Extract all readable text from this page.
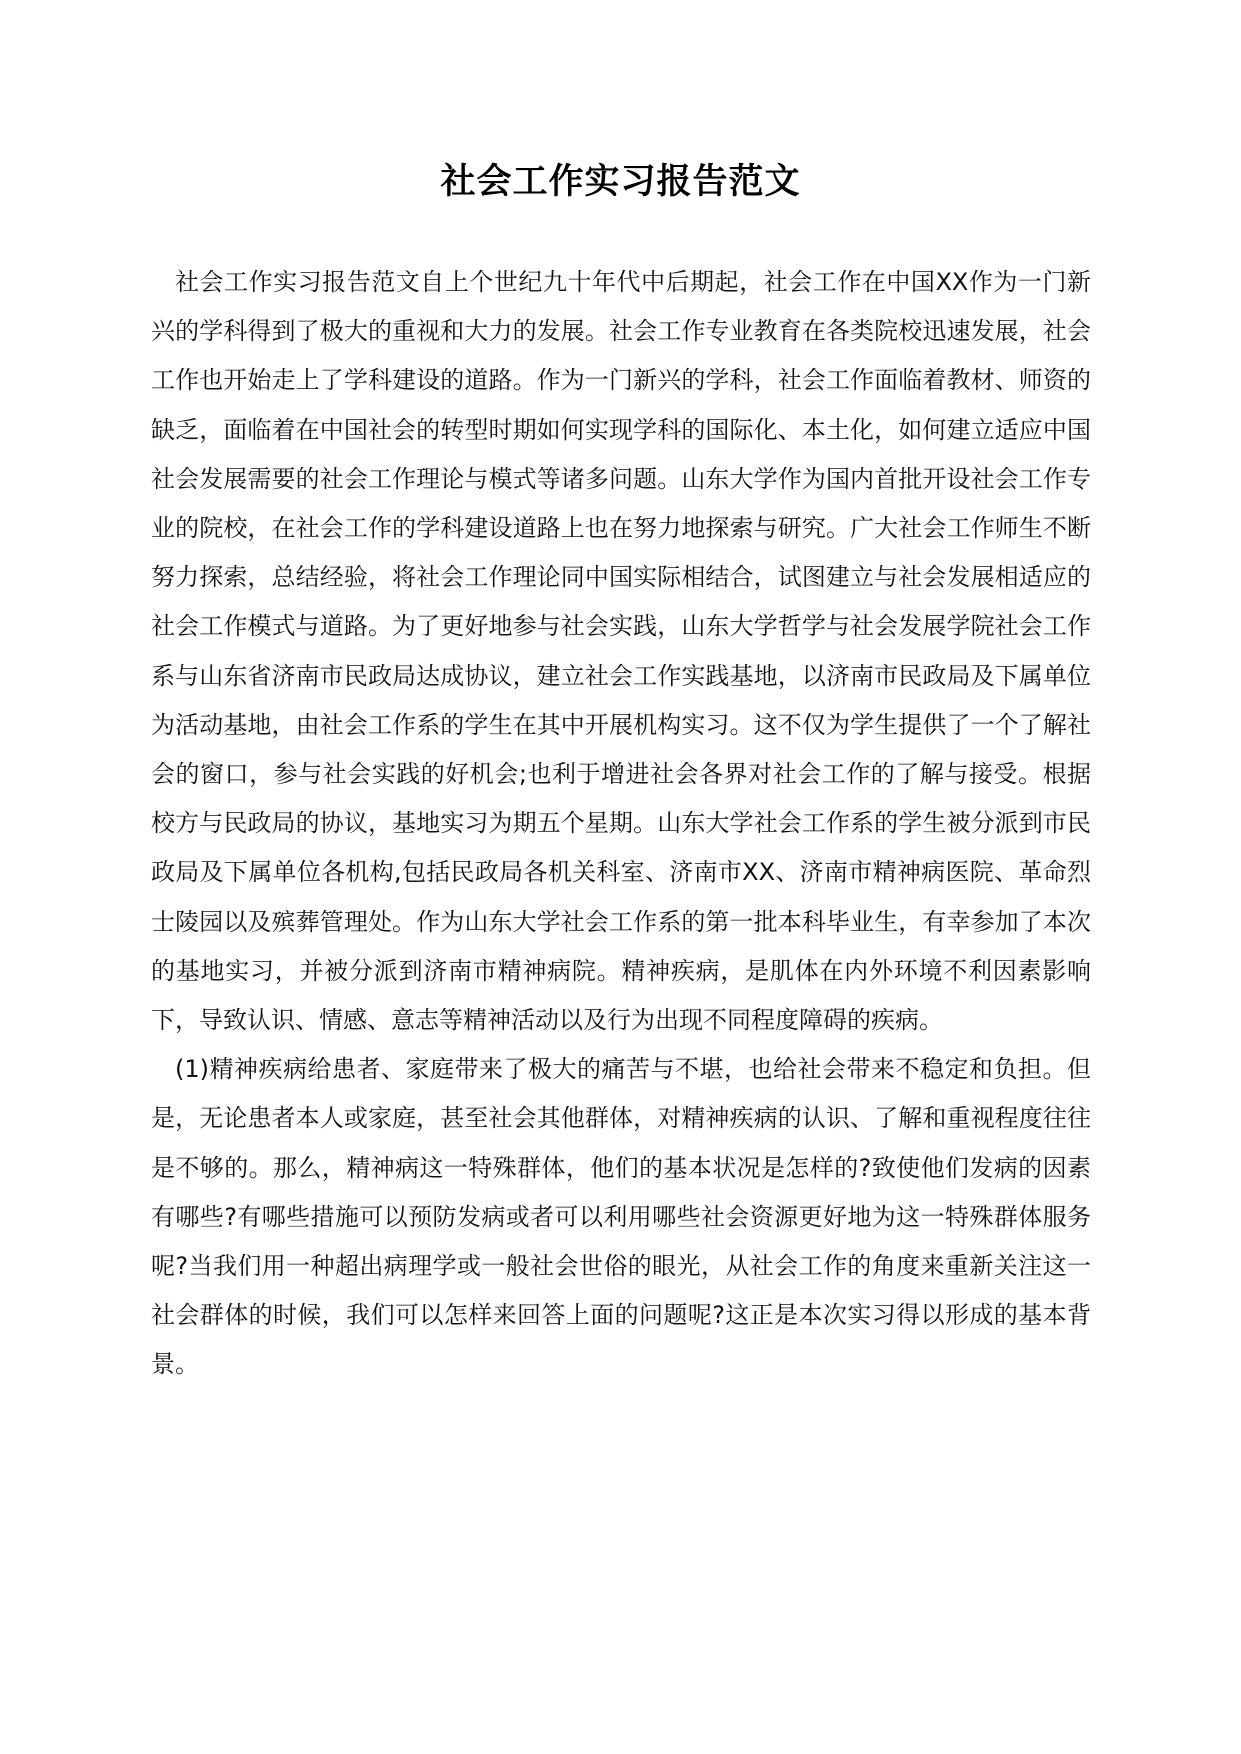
社会工作实习报告范文

社会工作实习报告范文自上个世纪九十年代中后期起，社会工作在中国XX作为一门新兴的学科得到了极大的重视和大力的发展。社会工作专业教育在各类院校迅速发展，社会工作也开始走上了学科建设的道路。作为一门新兴的学科，社会工作面临着教材、师资的缺乏，面临着在中国社会的转型时期如何实现学科的国际化、本土化，如何建立适应中国社会发展需要的社会工作理论与模式等诸多问题。山东大学作为国内首批开设社会工作专业的院校，在社会工作的学科建设道路上也在努力地探索与研究。广大社会工作师生不断努力探索，总结经验，将社会工作理论同中国实际相结合，试图建立与社会发展相适应的社会工作模式与道路。为了更好地参与社会实践，山东大学哲学与社会发展学院社会工作系与山东省济南市民政局达成协议，建立社会工作实践基地，以济南市民政局及下属单位为活动基地，由社会工作系的学生在其中开展机构实习。这不仅为学生提供了一个了解社会的窗口，参与社会实践的好机会;也利于增进社会各界对社会工作的了解与接受。根据校方与民政局的协议，基地实习为期五个星期。山东大学社会工作系的学生被分派到市民政局及下属单位各机构,包括民政局各机关科室、济南市XX、济南市精神病医院、革命烈士陵园以及殡葬管理处。作为山东大学社会工作系的第一批本科毕业生，有幸参加了本次的基地实习，并被分派到济南市精神病院。精神疾病，是肌体在内外环境不利因素影响下，导致认识、情感、意志等精神活动以及行为出现不同程度障碍的疾病。

(1)精神疾病给患者、家庭带来了极大的痛苦与不堪，也给社会带来不稳定和负担。但是，无论患者本人或家庭，甚至社会其他群体，对精神疾病的认识、了解和重视程度往往是不够的。那么，精神病这一特殊群体，他们的基本状况是怎样的?致使他们发病的因素有哪些?有哪些措施可以预防发病或者可以利用哪些社会资源更好地为这一特殊群体服务呢?当我们用一种超出病理学或一般社会世俗的眼光，从社会工作的角度来重新关注这一社会群体的时候，我们可以怎样来回答上面的问题呢?这正是本次实习得以形成的基本背景。
